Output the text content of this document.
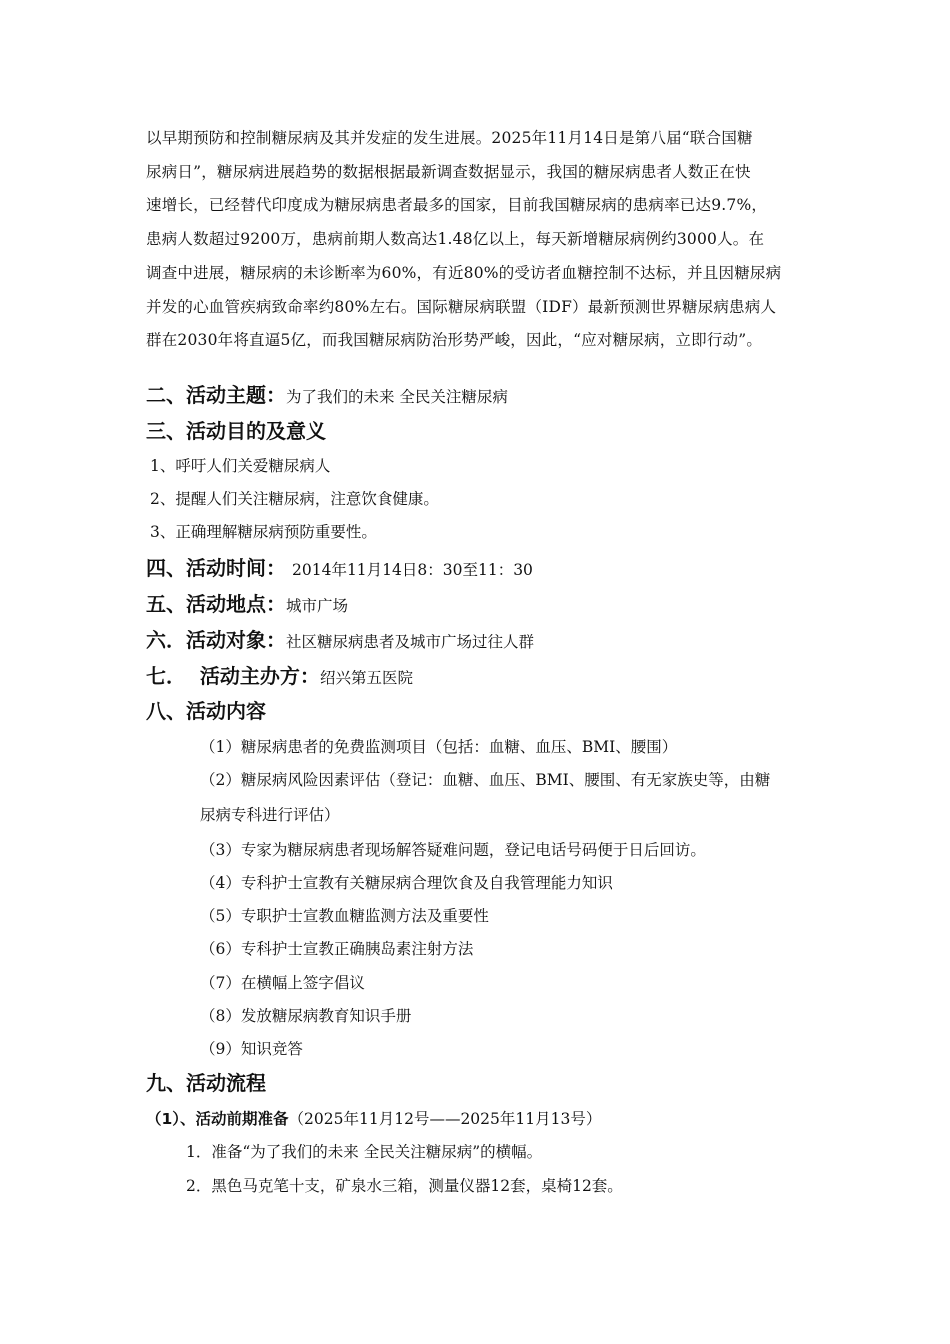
以早期预防和控制糖尿病及其并发症的发生进展。2025年11月14日是第八届“联合国糖
尿病日”，糖尿病进展趋势的数据根据最新调查数据显示，我国的糖尿病患者人数正在快
速增长，已经替代印度成为糖尿病患者最多的国家，目前我国糖尿病的患病率已达9.7%，
患病人数超过9200万，患病前期人数高达1.48亿以上，每天新增糖尿病例约3000人。在
调查中进展，糖尿病的未诊断率为60%，有近80%的受访者血糖控制不达标，并且因糖尿病
并发的心血管疾病致命率约80%左右。国际糖尿病联盟（IDF）最新预测世界糖尿病患病人
群在2030年将直逼5亿，而我国糖尿病防治形势严峻，因此，“应对糖尿病，立即行动”。

二、活动主题：为了我们的未来 全民关注糖尿病

三、活动目的及意义

1、呼吁人们关爱糖尿病人

2、提醒人们关注糖尿病，注意饮食健康。

3、正确理解糖尿病预防重要性。

四、活动时间： 2014年11月14日8：30至11：30

五、活动地点：城市广场

六．活动对象：社区糖尿病患者及城市广场过往人群

七．  活动主办方：绍兴第五医院

八、活动内容

（1）糖尿病患者的免费监测项目（包括：血糖、血压、BMI、腰围）

（2）糖尿病风险因素评估（登记：血糖、血压、BMI、腰围、有无家族史等，由糖

尿病专科进行评估）

（3）专家为糖尿病患者现场解答疑难问题，登记电话号码便于日后回访。

（4）专科护士宣教有关糖尿病合理饮食及自我管理能力知识

（5）专职护士宣教血糖监测方法及重要性

（6）专科护士宣教正确胰岛素注射方法

（7）在横幅上签字倡议

（8）发放糖尿病教育知识手册

（9）知识竞答

九、活动流程

（1）、活动前期准备（2025年11月12号——2025年11月13号）

1．准备“为了我们的未来 全民关注糖尿病”的横幅。

2．黑色马克笔十支，矿泉水三箱，测量仪器12套，桌椅12套。
